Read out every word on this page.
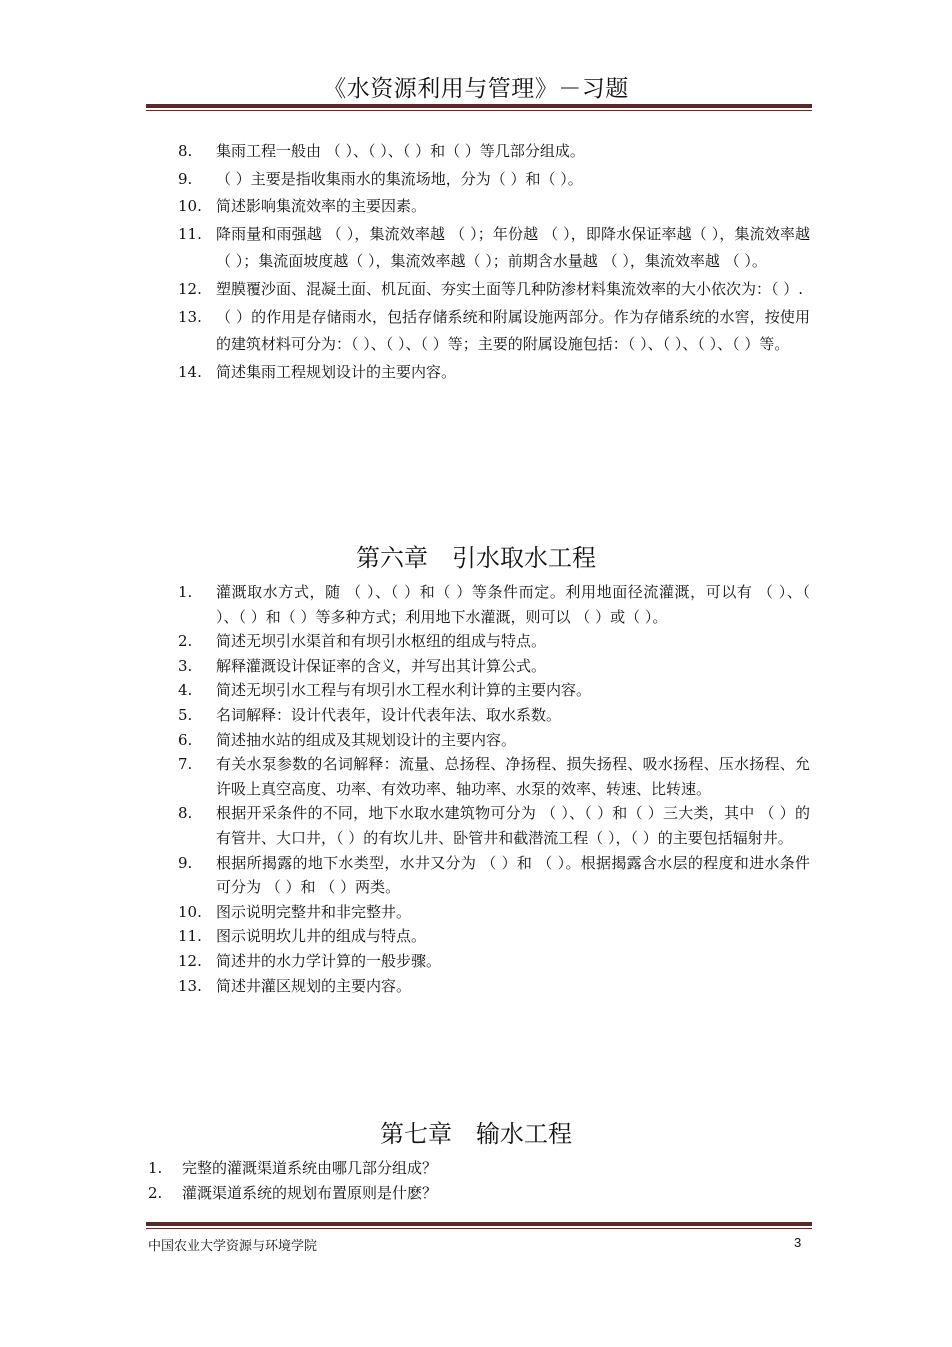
《水资源利用与管理》－习题
8. 集雨工程一般由 （ ）、（ ）、（ ）和（ ）等几部分组成。
9. （ ）主要是指收集雨水的集流场地，分为（ ）和（ ）。
10. 简述影响集流效率的主要因素。
11. 降雨量和雨强越 （ ），集流效率越 （ ）；年份越 （ ），即降水保证率越（ ），集流效率越（ ）；集流面坡度越（ ），集流效率越（ ）；前期含水量越 （ ），集流效率越 （ ）。
12. 塑膜覆沙面、混凝土面、机瓦面、夯实土面等几种防渗材料集流效率的大小依次为：（ ）.
13. （ ）的作用是存储雨水，包括存储系统和附属设施两部分。作为存储系统的水窖，按使用的建筑材料可分为：（ ）、（ ）、（ ）等；主要的附属设施包括：（ ）、（ ）、（ ）、（ ）等。
14. 简述集雨工程规划设计的主要内容。
第六章　引水取水工程
1. 灌溉取水方式，随 （ ）、（ ）和（ ）等条件而定。利用地面径流灌溉，可以有 （ ）、（ ）、（ ）和（ ）等多种方式；利用地下水灌溉，则可以 （ ）或（ ）。
2. 简述无坝引水渠首和有坝引水枢纽的组成与特点。
3. 解释灌溉设计保证率的含义，并写出其计算公式。
4. 简述无坝引水工程与有坝引水工程水利计算的主要内容。
5. 名词解释：设计代表年，设计代表年法、取水系数。
6. 简述抽水站的组成及其规划设计的主要内容。
7. 有关水泵参数的名词解释：流量、总扬程、净扬程、损失扬程、吸水扬程、压水扬程、允许吸上真空高度、功率、有效功率、轴功率、水泵的效率、转速、比转速。
8. 根据开采条件的不同，地下水取水建筑物可分为 （ ）、（ ）和（ ）三大类，其中 （ ）的有管井、大口井，（ ）的有坎儿井、卧管井和截潜流工程（ ），（ ）的主要包括辐射井。
9. 根据所揭露的地下水类型，水井又分为 （ ）和 （ ）。根据揭露含水层的程度和进水条件可分为 （ ）和 （ ）两类。
10. 图示说明完整井和非完整井。
11. 图示说明坎儿井的组成与特点。
12. 简述井的水力学计算的一般步骤。
13. 简述井灌区规划的主要内容。
第七章　输水工程
1. 完整的灌溉渠道系统由哪几部分组成？
2. 灌溉渠道系统的规划布置原则是什麽？
中国农业大学资源与环境学院	3
